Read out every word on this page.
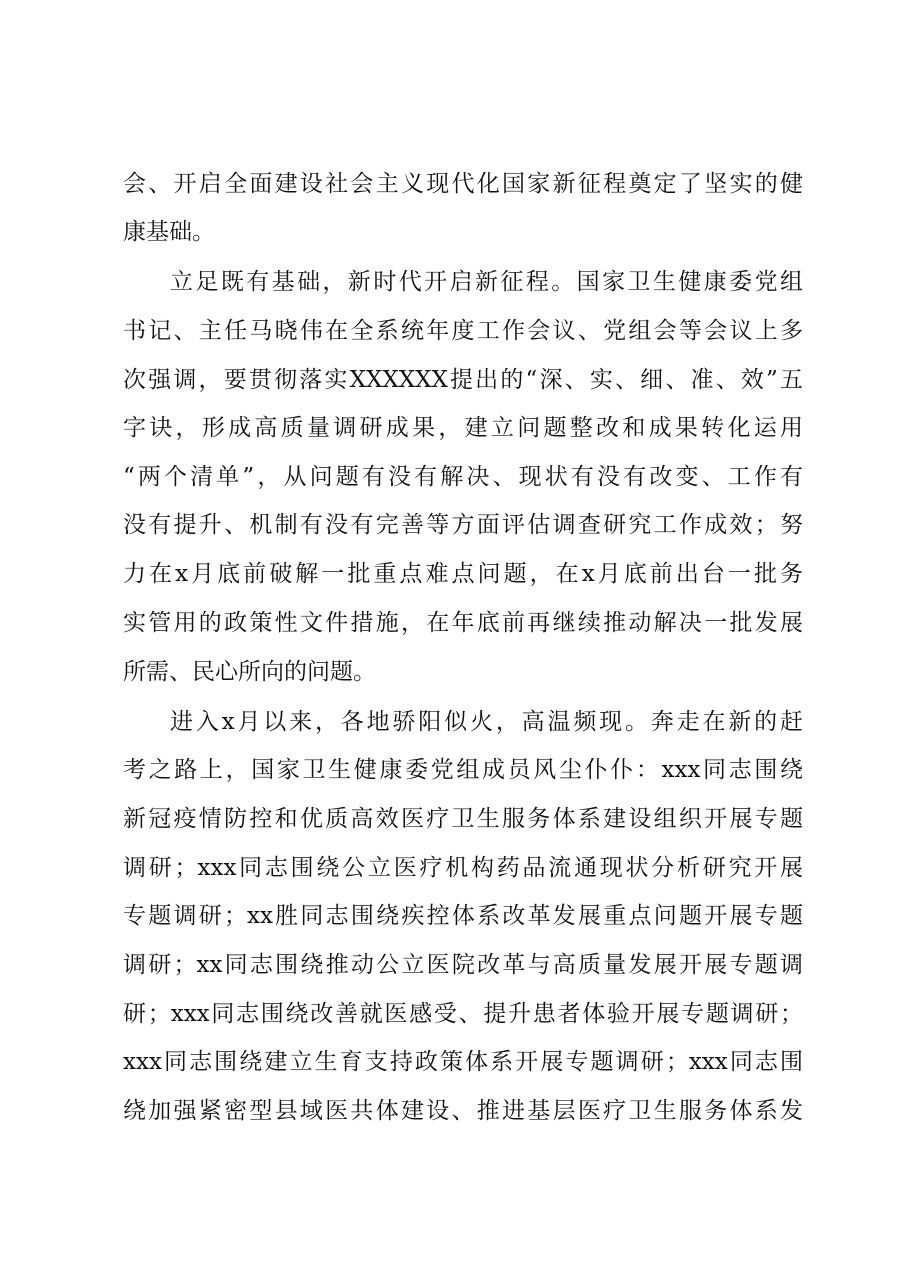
会、开启全面建设社会主义现代化国家新征程奠定了坚实的健
康基础。
立足既有基础，新时代开启新征程。国家卫生健康委党组
书记、主任马晓伟在全系统年度工作会议、党组会等会议上多
次强调，要贯彻落实XXXXXX提出的“深、实、细、准、效”五
字诀，形成高质量调研成果，建立问题整改和成果转化运用
“两个清单”，从问题有没有解决、现状有没有改变、工作有
没有提升、机制有没有完善等方面评估调查研究工作成效；努
力在x月底前破解一批重点难点问题，在x月底前出台一批务
实管用的政策性文件措施，在年底前再继续推动解决一批发展
所需、民心所向的问题。
进入x月以来，各地骄阳似火，高温频现。奔走在新的赶
考之路上，国家卫生健康委党组成员风尘仆仆：xxx同志围绕
新冠疫情防控和优质高效医疗卫生服务体系建设组织开展专题
调研；xxx同志围绕公立医疗机构药品流通现状分析研究开展
专题调研；xx胜同志围绕疾控体系改革发展重点问题开展专题
调研；xx同志围绕推动公立医院改革与高质量发展开展专题调
研；xxx同志围绕改善就医感受、提升患者体验开展专题调研；
xxx同志围绕建立生育支持政策体系开展专题调研；xxx同志围
绕加强紧密型县域医共体建设、推进基层医疗卫生服务体系发
